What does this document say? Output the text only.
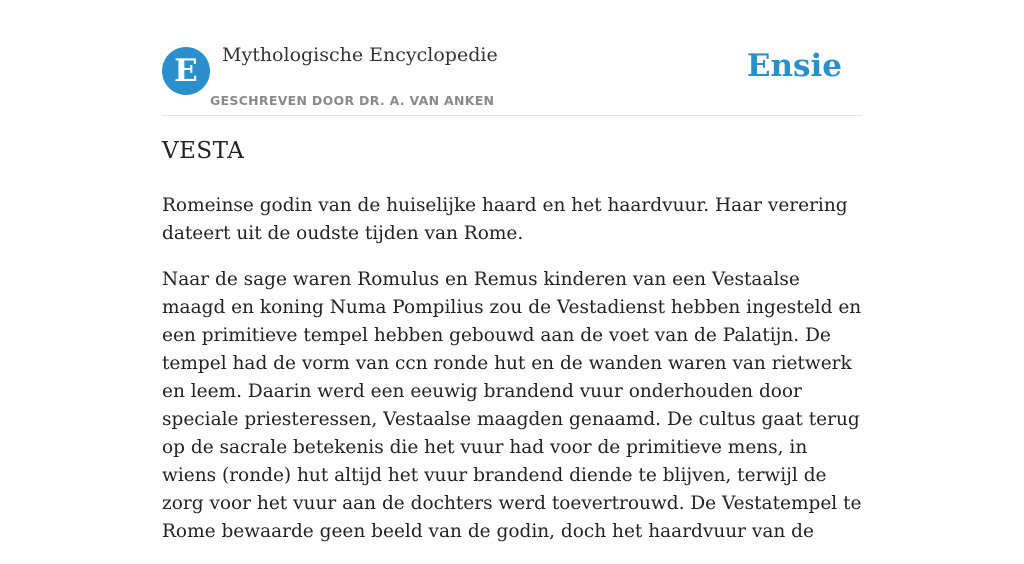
E	Mythologische Encyclopedie
GESCHREVEN DOOR DR. A. VAN ANKEN
Ensie
VESTA

Romeinse godin van de huiselijke haard en het haardvuur. Haar verering dateert uit de oudste tijden van Rome.

Naar de sage waren Romulus en Remus kinderen van een Vestaalse maagd en koning Numa Pompilius zou de Vestadienst hebben ingesteld en een primitieve tempel hebben gebouwd aan de voet van de Palatijn. De tempel had de vorm van ccn ronde hut en de wanden waren van rietwerk en leem. Daarin werd een eeuwig brandend vuur onderhouden door speciale priesteressen, Vestaalse maagden genaamd. De cultus gaat terug op de sacrale betekenis die het vuur had voor de primitieve mens, in wiens (ronde) hut altijd het vuur brandend diende te blijven, terwijl de zorg voor het vuur aan de dochters werd toevertrouwd. De Vestatempel te Rome bewaarde geen beeld van de godin, doch het haardvuur van de
